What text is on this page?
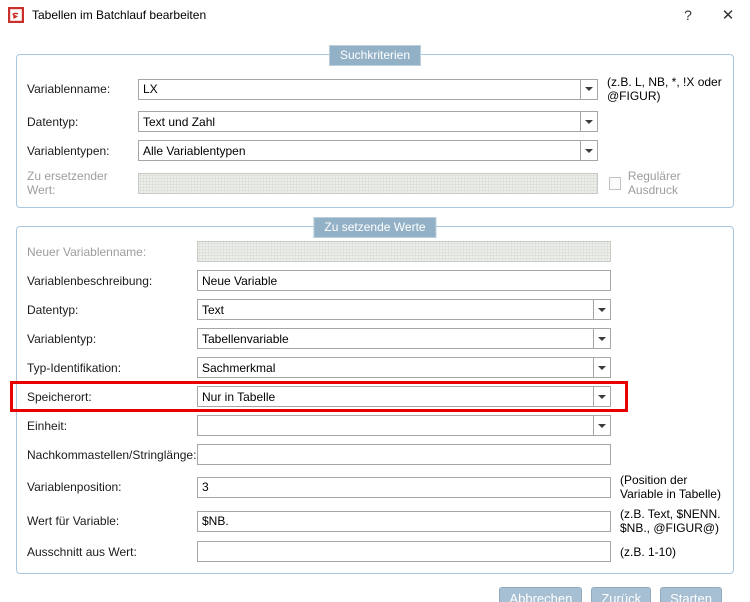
Tabellen im Batchlauf bearbeiten	?	✕
Suchkriterien
Variablenname:
LX	(z.B. L, NB, *, !X oder @FIGUR)
Datentyp:
Text und Zahl
Variablentypen:
Alle Variablentypen
Zu ersetzender Wert:
Regulärer Ausdruck
Zu setzende Werte
Neuer Variablenname:
Variablenbeschreibung:
Neue Variable
Datentyp:
Text
Variablentyp:
Tabellenvariable
Typ-Identifikation:
Sachmerkmal
Speicherort:
Nur in Tabelle
Einheit:
Nachkommastellen/Stringlänge:
Variablenposition:
3	(Position der Variable in Tabelle)
Wert für Variable:
$NB.	(z.B. Text, $NENN. $NB., @FIGUR@)
Ausschnitt aus Wert:	(z.B. 1-10)
Abbrechen	Zurück	Starten
